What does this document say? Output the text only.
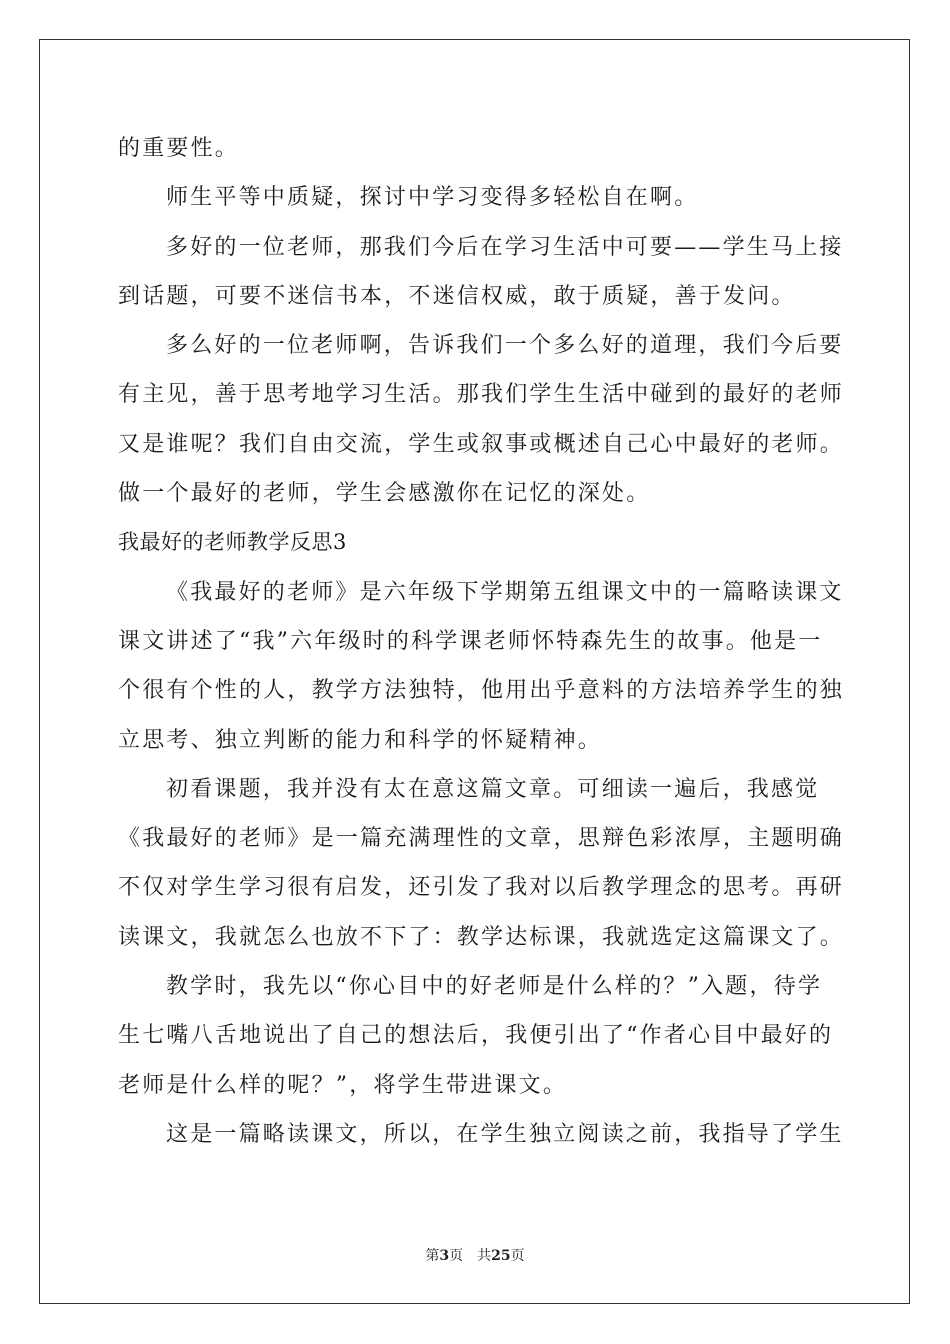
的重要性。
师生平等中质疑，探讨中学习变得多轻松自在啊。
多好的一位老师，那我们今后在学习生活中可要——学生马上接
到话题，可要不迷信书本，不迷信权威，敢于质疑，善于发问。
多么好的一位老师啊，告诉我们一个多么好的道理，我们今后要
有主见，善于思考地学习生活。那我们学生生活中碰到的最好的老师
又是谁呢？我们自由交流，学生或叙事或概述自己心中最好的老师。
做一个最好的老师，学生会感激你在记忆的深处。
我最好的老师教学反思3
《我最好的老师》是六年级下学期第五组课文中的一篇略读课文
课文讲述了“我”六年级时的科学课老师怀特森先生的故事。他是一
个很有个性的人，教学方法独特，他用出乎意料的方法培养学生的独
立思考、独立判断的能力和科学的怀疑精神。
初看课题，我并没有太在意这篇文章。可细读一遍后，我感觉
《我最好的老师》是一篇充满理性的文章，思辩色彩浓厚，主题明确
不仅对学生学习很有启发，还引发了我对以后教学理念的思考。再研
读课文，我就怎么也放不下了：教学达标课，我就选定这篇课文了。
教学时，我先以“你心目中的好老师是什么样的？”入题，待学
生七嘴八舌地说出了自己的想法后，我便引出了“作者心目中最好的
老师是什么样的呢？”，将学生带进课文。
这是一篇略读课文，所以，在学生独立阅读之前，我指导了学生
第3页 共25页
